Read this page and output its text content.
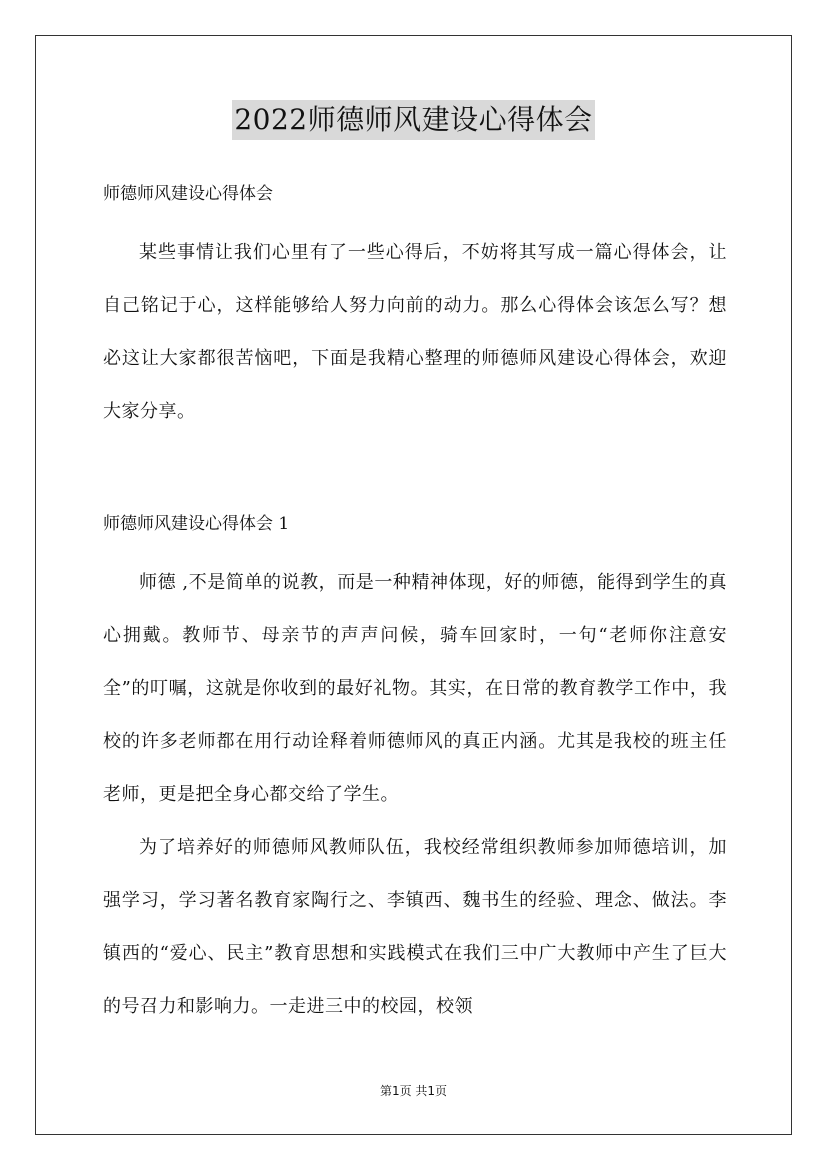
2022师德师风建设心得体会

师德师风建设心得体会

某些事情让我们心里有了一些心得后，不妨将其写成一篇心得体会，让自己铭记于心，这样能够给人努力向前的动力。那么心得体会该怎么写？想必这让大家都很苦恼吧，下面是我精心整理的师德师风建设心得体会，欢迎大家分享。

师德师风建设心得体会 1

师德 ,不是简单的说教，而是一种精神体现，好的师德，能得到学生的真心拥戴。教师节、母亲节的声声问候，骑车回家时，一句“老师你注意安全”的叮嘱，这就是你收到的最好礼物。其实，在日常的教育教学工作中，我校的许多老师都在用行动诠释着师德师风的真正内涵。尤其是我校的班主任老师，更是把全身心都交给了学生。

为了培养好的师德师风教师队伍，我校经常组织教师参加师德培训，加强学习，学习著名教育家陶行之、李镇西、魏书生的经验、理念、做法。李镇西的“爱心、民主”教育思想和实践模式在我们三中广大教师中产生了巨大的号召力和影响力。一走进三中的校园，校领

第1页 共1页
